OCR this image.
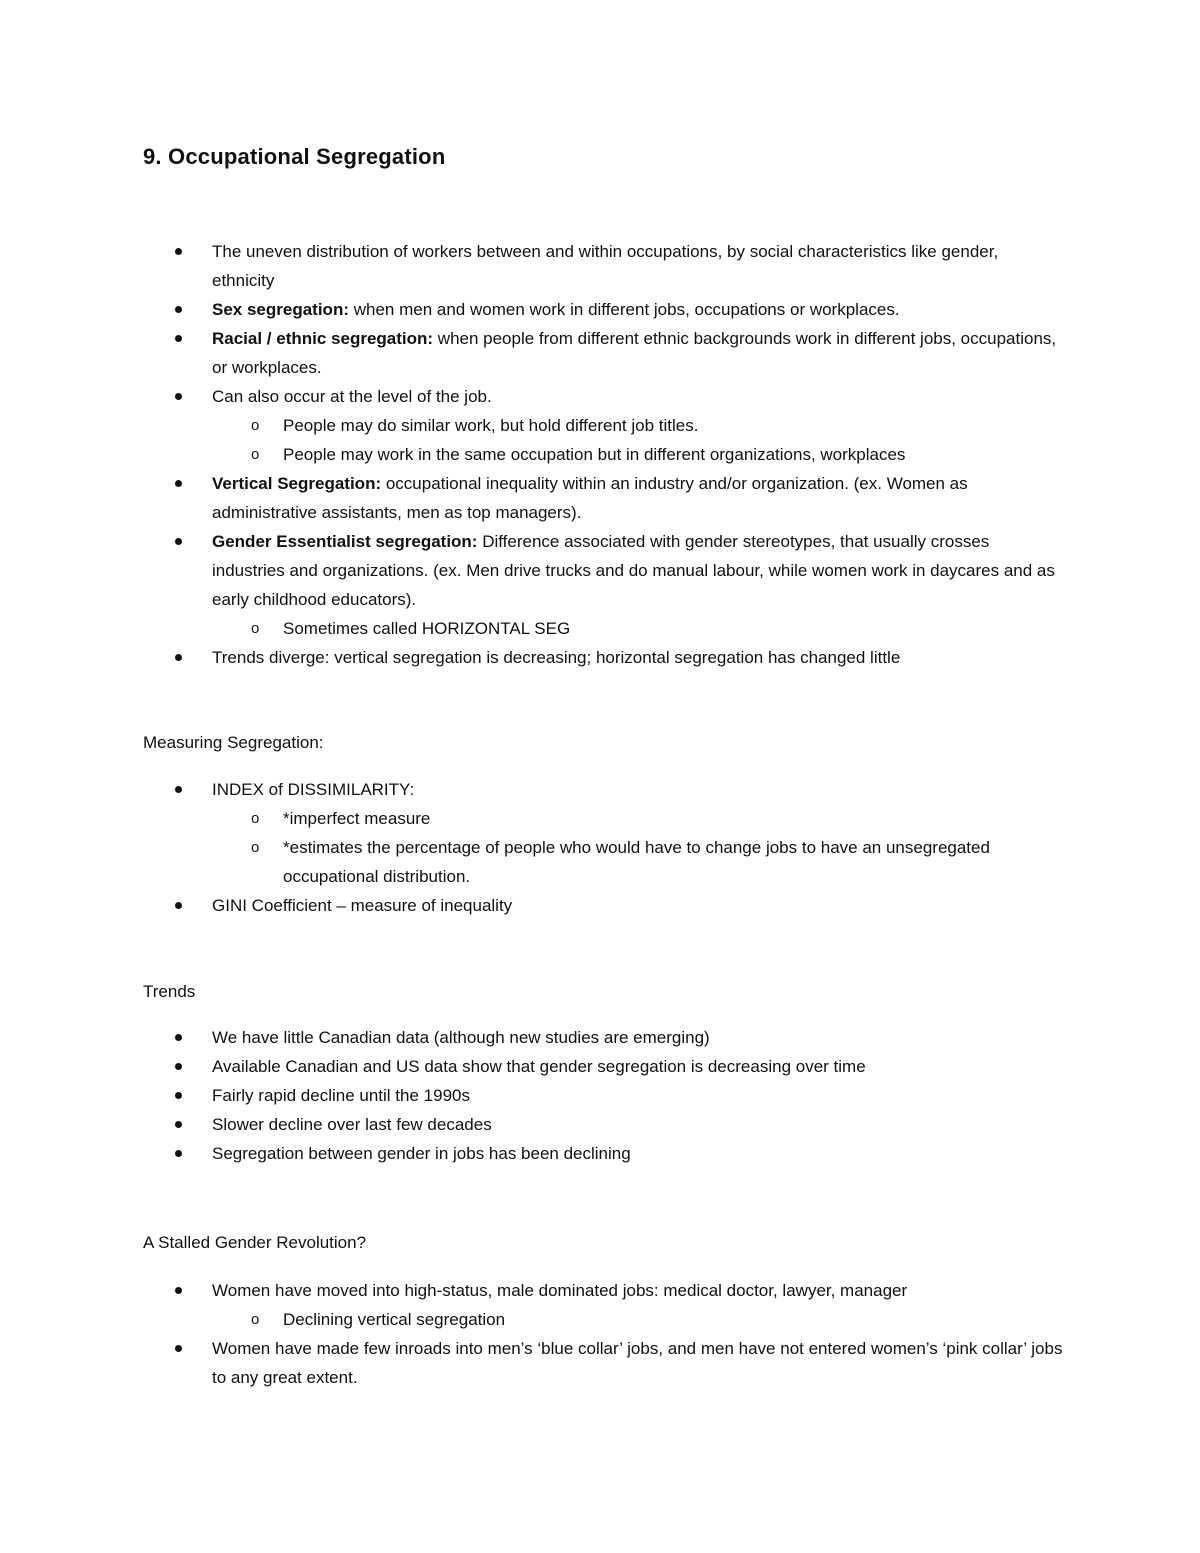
9. Occupational Segregation
The uneven distribution of workers between and within occupations, by social characteristics like gender, ethnicity
Sex segregation: when men and women work in different jobs, occupations or workplaces.
Racial / ethnic segregation: when people from different ethnic backgrounds work in different jobs, occupations, or workplaces.
Can also occur at the level of the job.
o People may do similar work, but hold different job titles.
o People may work in the same occupation but in different organizations, workplaces
Vertical Segregation: occupational inequality within an industry and/or organization. (ex. Women as administrative assistants, men as top managers).
Gender Essentialist segregation: Difference associated with gender stereotypes, that usually crosses industries and organizations. (ex. Men drive trucks and do manual labour, while women work in daycares and as early childhood educators).
o Sometimes called HORIZONTAL SEG
Trends diverge: vertical segregation is decreasing; horizontal segregation has changed little
Measuring Segregation:
INDEX of DISSIMILARITY:
o *imperfect measure
o *estimates the percentage of people who would have to change jobs to have an unsegregated occupational distribution.
GINI Coefficient – measure of inequality
Trends
We have little Canadian data (although new studies are emerging)
Available Canadian and US data show that gender segregation is decreasing over time
Fairly rapid decline until the 1990s
Slower decline over last few decades
Segregation between gender in jobs has been declining
A Stalled Gender Revolution?
Women have moved into high-status, male dominated jobs: medical doctor, lawyer, manager
o Declining vertical segregation
Women have made few inroads into men’s ‘blue collar’ jobs, and men have not entered women’s ‘pink collar’ jobs to any great extent.
